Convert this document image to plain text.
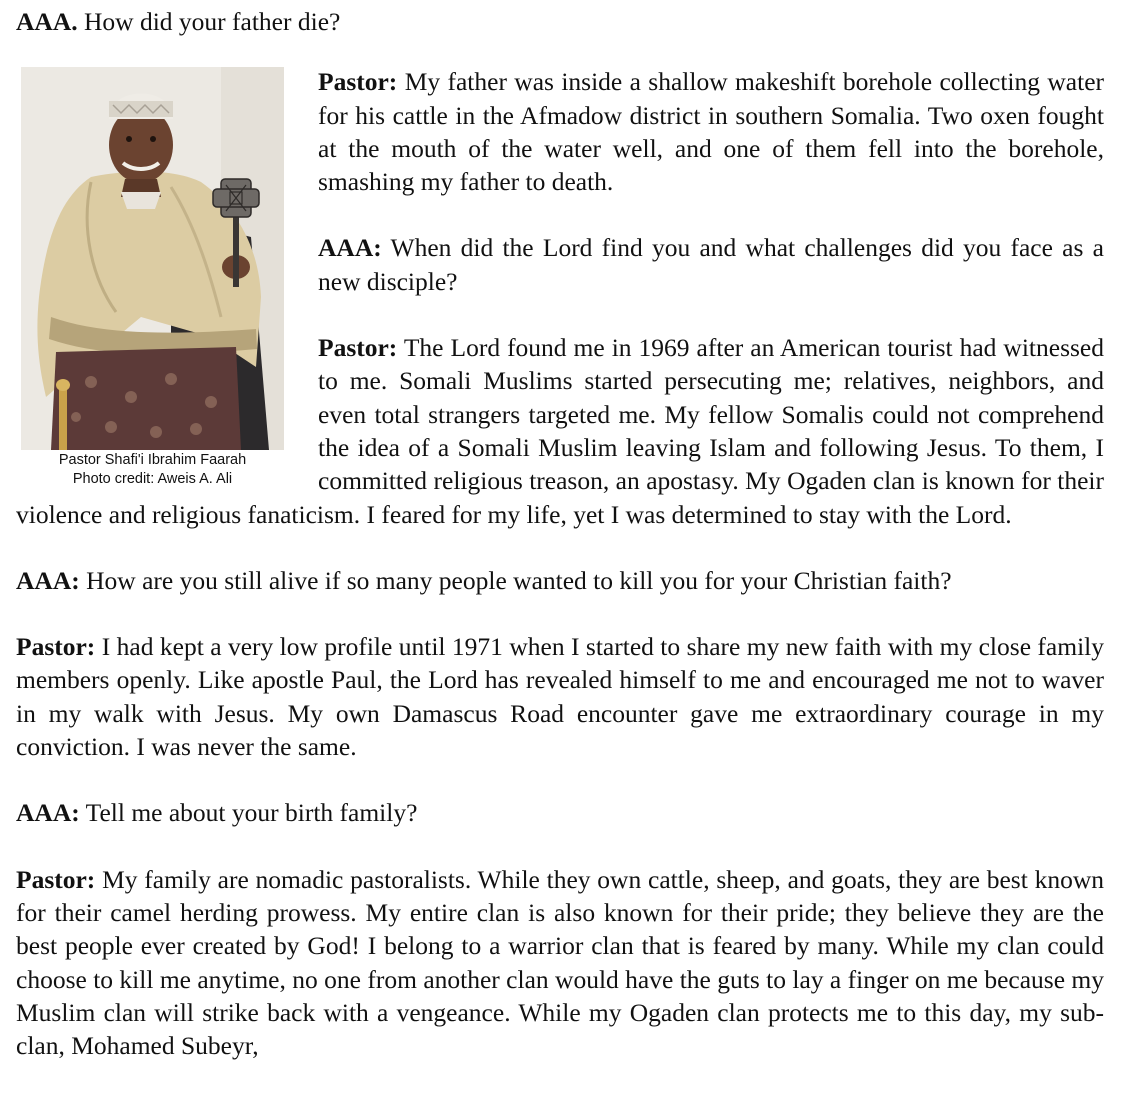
AAA. How did your father die?

Pastor Shafi'i Ibrahim Faarah
Photo credit: Aweis A. Ali

Pastor: My father was inside a shallow makeshift borehole collecting water for his cattle in the Afmadow district in southern Somalia. Two oxen fought at the mouth of the water well, and one of them fell into the borehole, smashing my father to death.

AAA: When did the Lord find you and what challenges did you face as a new disciple?

Pastor: The Lord found me in 1969 after an American tourist had witnessed to me. Somali Muslims started persecuting me; relatives, neighbors, and even total strangers targeted me. My fellow Somalis could not comprehend the idea of a Somali Muslim leaving Islam and following Jesus. To them, I committed religious treason, an apostasy. My Ogaden clan is known for their violence and religious fanaticism. I feared for my life, yet I was determined to stay with the Lord.

AAA: How are you still alive if so many people wanted to kill you for your Christian faith?

Pastor: I had kept a very low profile until 1971 when I started to share my new faith with my close family members openly. Like apostle Paul, the Lord has revealed himself to me and encouraged me not to waver in my walk with Jesus. My own Damascus Road encounter gave me extraordinary courage in my conviction. I was never the same.

AAA: Tell me about your birth family?

Pastor: My family are nomadic pastoralists. While they own cattle, sheep, and goats, they are best known for their camel herding prowess. My entire clan is also known for their pride; they believe they are the best people ever created by God! I belong to a warrior clan that is feared by many. While my clan could choose to kill me anytime, no one from another clan would have the guts to lay a finger on me because my Muslim clan will strike back with a vengeance. While my Ogaden clan protects me to this day, my sub-clan, Mohamed Subeyr,
